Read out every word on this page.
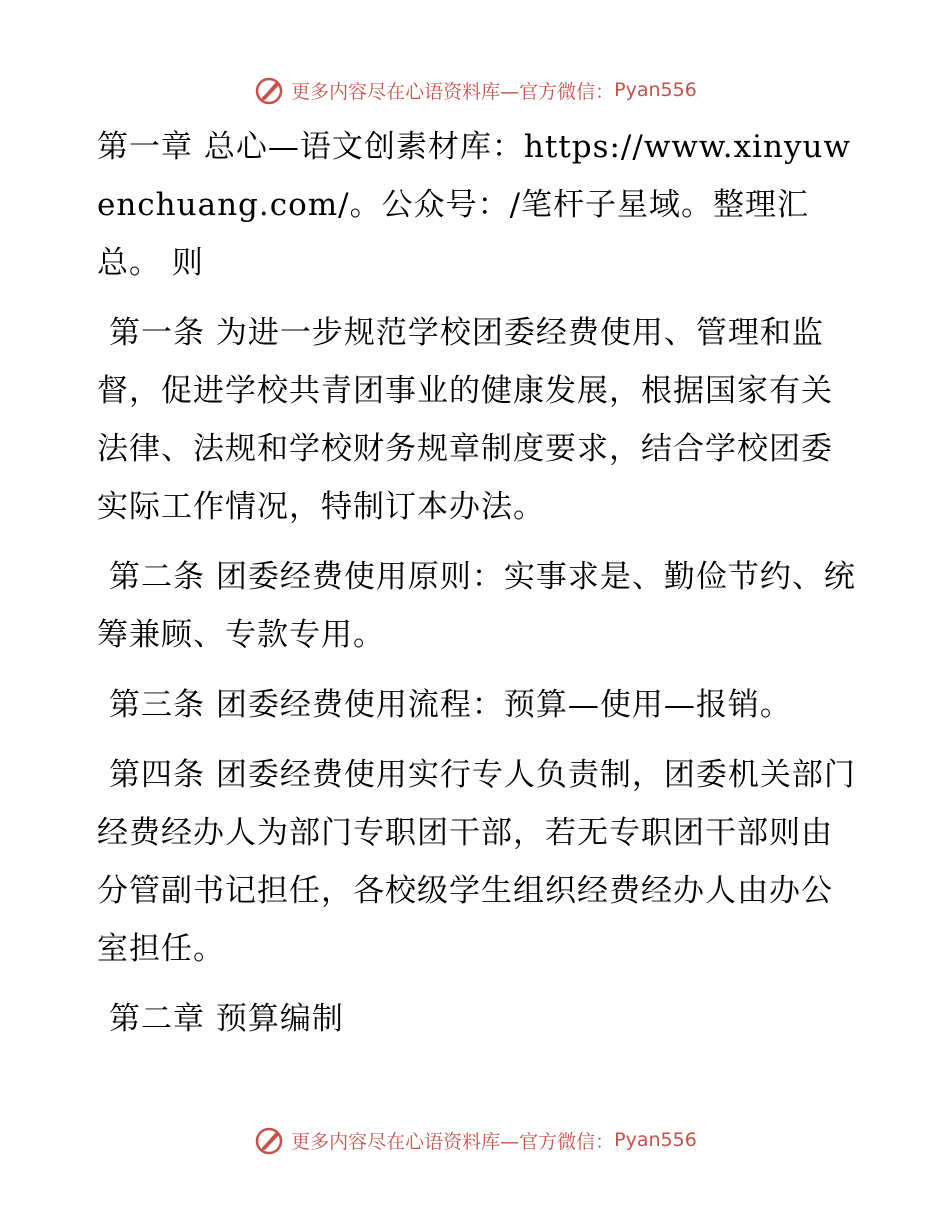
更多内容尽在心语资料库—官方微信： Pyan556

第一章 总心—语文创素材库：https://www.xinyuwenchuang.com/。公众号：/笔杆子星域。整理汇总。 则

第一条 为进一步规范学校团委经费使用、管理和监督，促进学校共青团事业的健康发展，根据国家有关法律、法规和学校财务规章制度要求，结合学校团委实际工作情况，特制订本办法。

第二条 团委经费使用原则：实事求是、勤俭节约、统筹兼顾、专款专用。

第三条 团委经费使用流程：预算—使用—报销。

第四条 团委经费使用实行专人负责制，团委机关部门经费经办人为部门专职团干部，若无专职团干部则由分管副书记担任，各校级学生组织经费经办人由办公室担任。

第二章 预算编制

更多内容尽在心语资料库—官方微信： Pyan556
